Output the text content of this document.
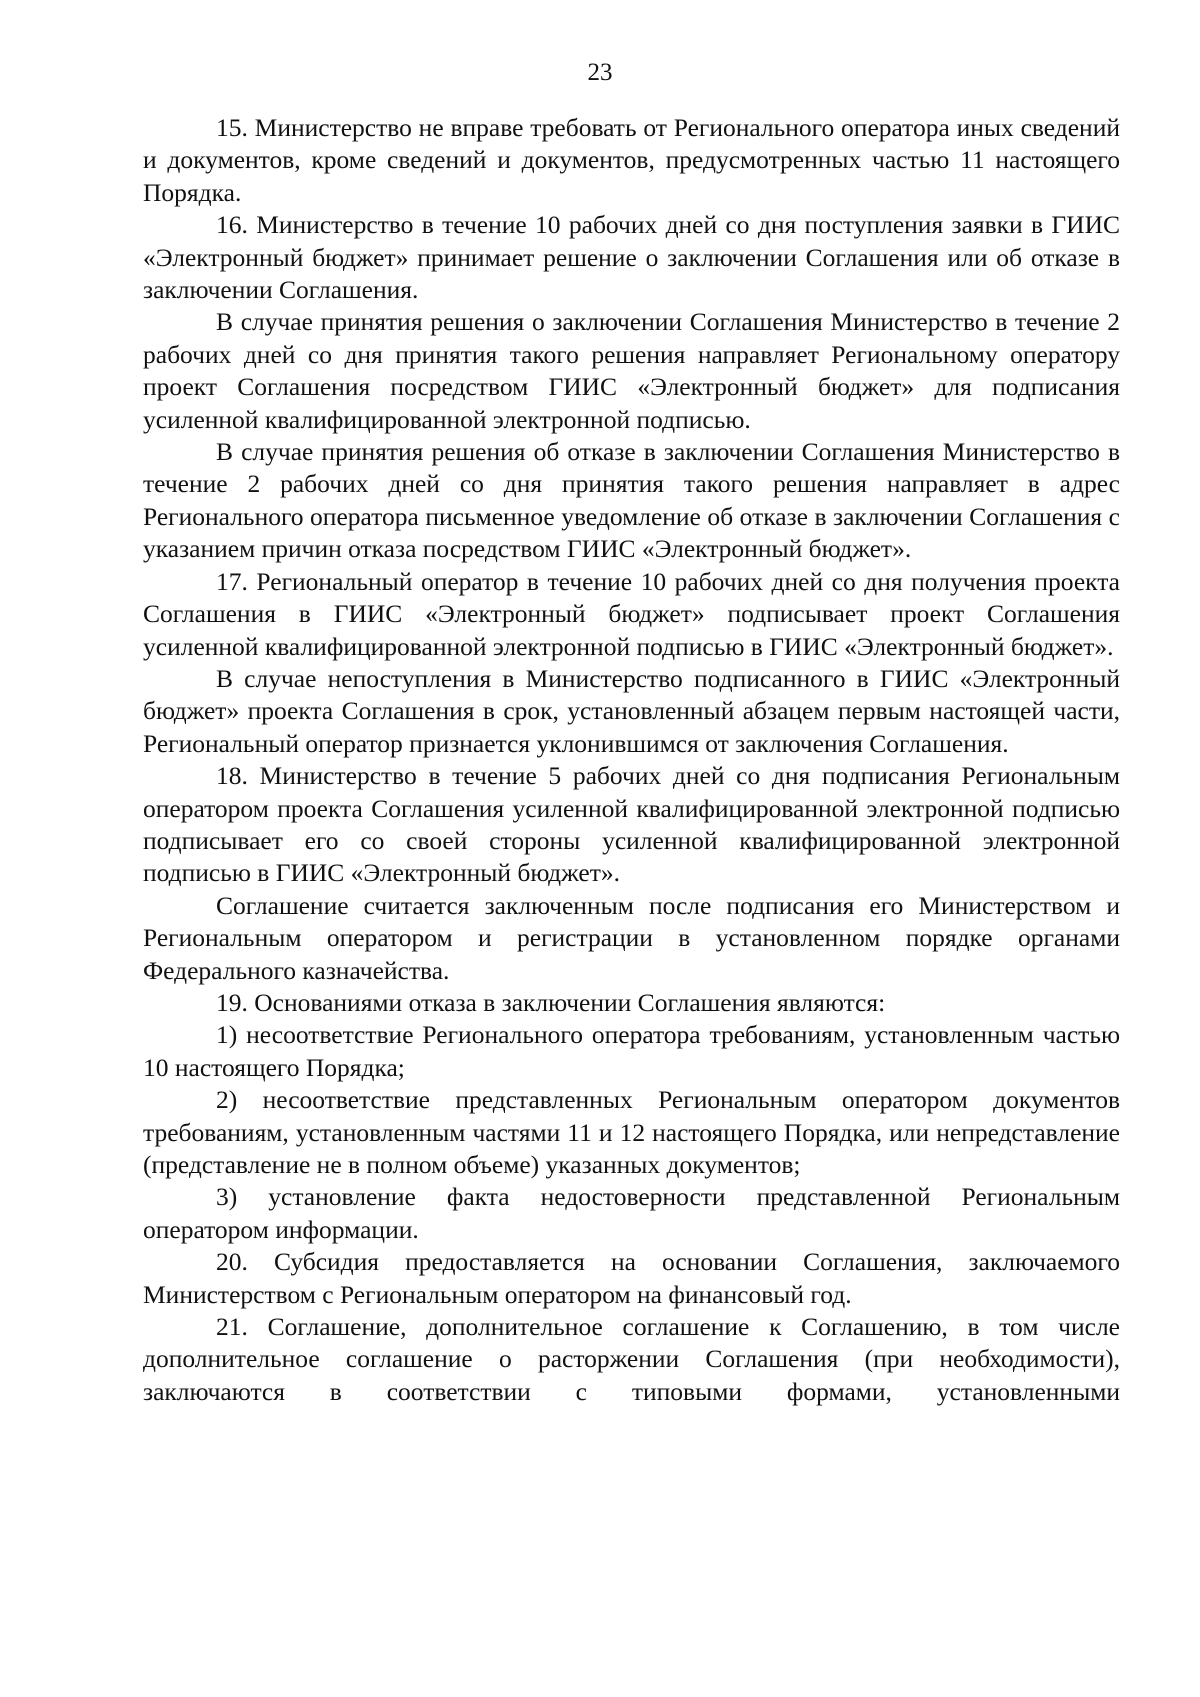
23

15. Министерство не вправе требовать от Регионального оператора иных сведений и документов, кроме сведений и документов, предусмотренных частью 11 настоящего Порядка.

16. Министерство в течение 10 рабочих дней со дня поступления заявки в ГИИС «Электронный бюджет» принимает решение о заключении Соглашения или об отказе в заключении Соглашения.

В случае принятия решения о заключении Соглашения Министерство в течение 2 рабочих дней со дня принятия такого решения направляет Региональному оператору проект Соглашения посредством ГИИС «Электронный бюджет» для подписания усиленной квалифицированной электронной подписью.

В случае принятия решения об отказе в заключении Соглашения Министерство в течение 2 рабочих дней со дня принятия такого решения направляет в адрес Регионального оператора письменное уведомление об отказе в заключении Соглашения с указанием причин отказа посредством ГИИС «Электронный бюджет».

17. Региональный оператор в течение 10 рабочих дней со дня получения проекта Соглашения в ГИИС «Электронный бюджет» подписывает проект Соглашения усиленной квалифицированной электронной подписью в ГИИС «Электронный бюджет».

В случае непоступления в Министерство подписанного в ГИИС «Электронный бюджет» проекта Соглашения в срок, установленный абзацем первым настоящей части, Региональный оператор признается уклонившимся от заключения Соглашения.

18. Министерство в течение 5 рабочих дней со дня подписания Региональным оператором проекта Соглашения усиленной квалифицированной электронной подписью подписывает его со своей стороны усиленной квалифицированной электронной подписью в ГИИС «Электронный бюджет».

Соглашение считается заключенным после подписания его Министерством и Региональным оператором и регистрации в установленном порядке органами Федерального казначейства.

19. Основаниями отказа в заключении Соглашения являются:

1) несоответствие Регионального оператора требованиям, установленным частью 10 настоящего Порядка;

2) несоответствие представленных Региональным оператором документов требованиям, установленным частями 11 и 12 настоящего Порядка, или непредставление (представление не в полном объеме) указанных документов;

3) установление факта недостоверности представленной Региональным оператором информации.

20. Субсидия предоставляется на основании Соглашения, заключаемого Министерством с Региональным оператором на финансовый год.

21. Соглашение, дополнительное соглашение к Соглашению, в том числе дополнительное соглашение о расторжении Соглашения (при необходимости), заключаются в соответствии с типовыми формами, установленными
